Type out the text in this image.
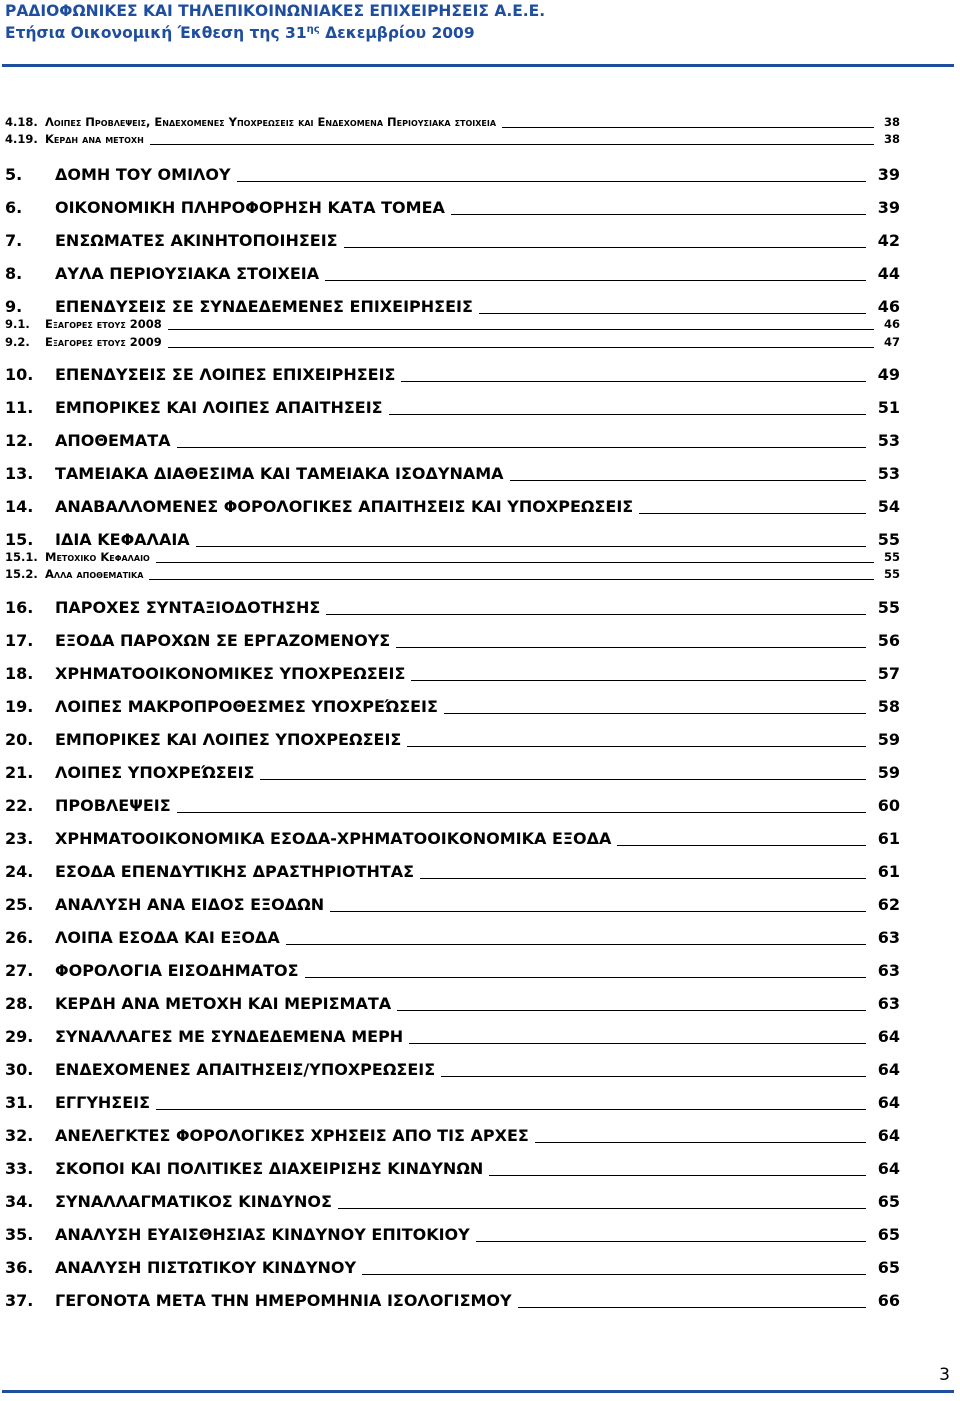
ΡΑΔΙΟΦΩΝΙΚΕΣ ΚΑΙ ΤΗΛΕΠΙΚΟΙΝΩΝΙΑΚΕΣ ΕΠΙΧΕΙΡΗΣΕΙΣ Α.Ε.Ε.
Ετήσια Οικονομική Έκθεση της $31^{\eta\varsigma}$ Δεκεμβρίου 2009
4.18. Λοιπες Προβλεψεις, Ενδεχομενες Υποχρεωσεις και Ενδεχομενα Περιουσιακα στοιχεια	38
4.19. Κερδη ανα μετοχη	38
5.	ΔΟΜΗ ΤΟΥ ΟΜΙΛΟΥ	39
6.	ΟΙΚΟΝΟΜΙΚΗ ΠΛΗΡΟΦΟΡΗΣΗ ΚΑΤΑ ΤΟΜΕΑ	39
7.	ΕΝΣΩΜΑΤΕΣ ΑΚΙΝΗΤΟΠΟΙΗΣΕΙΣ	42
8.	ΑΥΛΑ ΠΕΡΙΟΥΣΙΑΚΑ ΣΤΟΙΧΕΙΑ	44
9.	ΕΠΕΝΔΥΣΕΙΣ ΣΕ ΣΥΝΔΕΔΕΜΕΝΕΣ ΕΠΙΧΕΙΡΗΣΕΙΣ	46
9.1.	Εξαγορες ετους 2008	46
9.2.	Εξαγορες ετους 2009	47
10.	ΕΠΕΝΔΥΣΕΙΣ ΣΕ ΛΟΙΠΕΣ ΕΠΙΧΕΙΡΗΣΕΙΣ	49
11.	ΕΜΠΟΡΙΚΕΣ ΚΑΙ ΛΟΙΠΕΣ ΑΠΑΙΤΗΣΕΙΣ	51
12.	ΑΠΟΘΕΜΑΤΑ	53
13.	ΤΑΜΕΙΑΚΑ ΔΙΑΘΕΣΙΜΑ ΚΑΙ ΤΑΜΕΙΑΚΑ ΙΣΟΔΥΝΑΜΑ	53
14.	ΑΝΑΒΑΛΛΟΜΕΝΕΣ ΦΟΡΟΛΟΓΙΚΕΣ ΑΠΑΙΤΗΣΕΙΣ ΚΑΙ ΥΠΟΧΡΕΩΣΕΙΣ	54
15.	ΙΔΙΑ ΚΕΦΑΛΑΙΑ	55
15.1. Μετοχικο Κεφαλαιο	55
15.2. Αλλα αποθεματικα	55
16.	ΠΑΡΟΧΕΣ ΣΥΝΤΑΞΙΟΔΟΤΗΣΗΣ	55
17.	ΕΞΟΔΑ ΠΑΡΟΧΩΝ ΣΕ ΕΡΓΑΖΟΜΕΝΟΥΣ	56
18.	ΧΡΗΜΑΤΟΟΙΚΟΝΟΜΙΚΕΣ ΥΠΟΧΡΕΩΣΕΙΣ	57
19.	ΛΟΙΠΕΣ ΜΑΚΡΟΠΡΟΘΕΣΜΕΣ ΥΠΟΧΡΕΏΣΕΙΣ	58
20.	ΕΜΠΟΡΙΚΕΣ ΚΑΙ ΛΟΙΠΕΣ ΥΠΟΧΡΕΩΣΕΙΣ	59
21.	ΛΟΙΠΕΣ ΥΠΟΧΡΕΏΣΕΙΣ	59
22.	ΠΡΟΒΛΕΨΕΙΣ	60
23.	ΧΡΗΜΑΤΟΟΙΚΟΝΟΜΙΚΑ ΕΣΟΔΑ-ΧΡΗΜΑΤΟΟΙΚΟΝΟΜΙΚΑ ΕΞΟΔΑ	61
24.	ΕΣΟΔΑ ΕΠΕΝΔΥΤΙΚΗΣ ΔΡΑΣΤΗΡΙΟΤΗΤΑΣ	61
25.	ΑΝΑΛΥΣΗ ΑΝΑ ΕΙΔΟΣ ΕΞΟΔΩΝ	62
26.	ΛΟΙΠΑ ΕΣΟΔΑ ΚΑΙ ΕΞΟΔΑ	63
27.	ΦΟΡΟΛΟΓΙΑ ΕΙΣΟΔΗΜΑΤΟΣ	63
28.	ΚΕΡΔΗ ΑΝΑ ΜΕΤΟΧΗ ΚΑΙ ΜΕΡΙΣΜΑΤΑ	63
29.	ΣΥΝΑΛΛΑΓΕΣ ΜΕ ΣΥΝΔΕΔΕΜΕΝΑ ΜΕΡΗ	64
30.	ΕΝΔΕΧΟΜΕΝΕΣ ΑΠΑΙΤΗΣΕΙΣ/ΥΠΟΧΡΕΩΣΕΙΣ	64
31.	ΕΓΓΥΗΣΕΙΣ	64
32.	ΑΝΕΛΕΓΚΤΕΣ ΦΟΡΟΛΟΓΙΚΕΣ ΧΡΗΣΕΙΣ ΑΠΟ ΤΙΣ ΑΡΧΕΣ	64
33.	ΣΚΟΠΟΙ ΚΑΙ ΠΟΛΙΤΙΚΕΣ ΔΙΑΧΕΙΡΙΣΗΣ ΚΙΝΔΥΝΩΝ	64
34.	ΣΥΝΑΛΛΑΓΜΑΤΙΚΟΣ ΚΙΝΔΥΝΟΣ	65
35.	ΑΝΑΛΥΣΗ ΕΥΑΙΣΘΗΣΙΑΣ ΚΙΝΔΥΝΟΥ ΕΠΙΤΟΚΙΟΥ	65
36.	ΑΝΑΛΥΣΗ ΠΙΣΤΩΤΙΚΟΥ ΚΙΝΔΥΝΟΥ	65
37.	ΓΕΓΟΝΟΤΑ ΜΕΤΑ ΤΗΝ ΗΜΕΡΟΜΗΝΙΑ ΙΣΟΛΟΓΙΣΜΟΥ	66
3
